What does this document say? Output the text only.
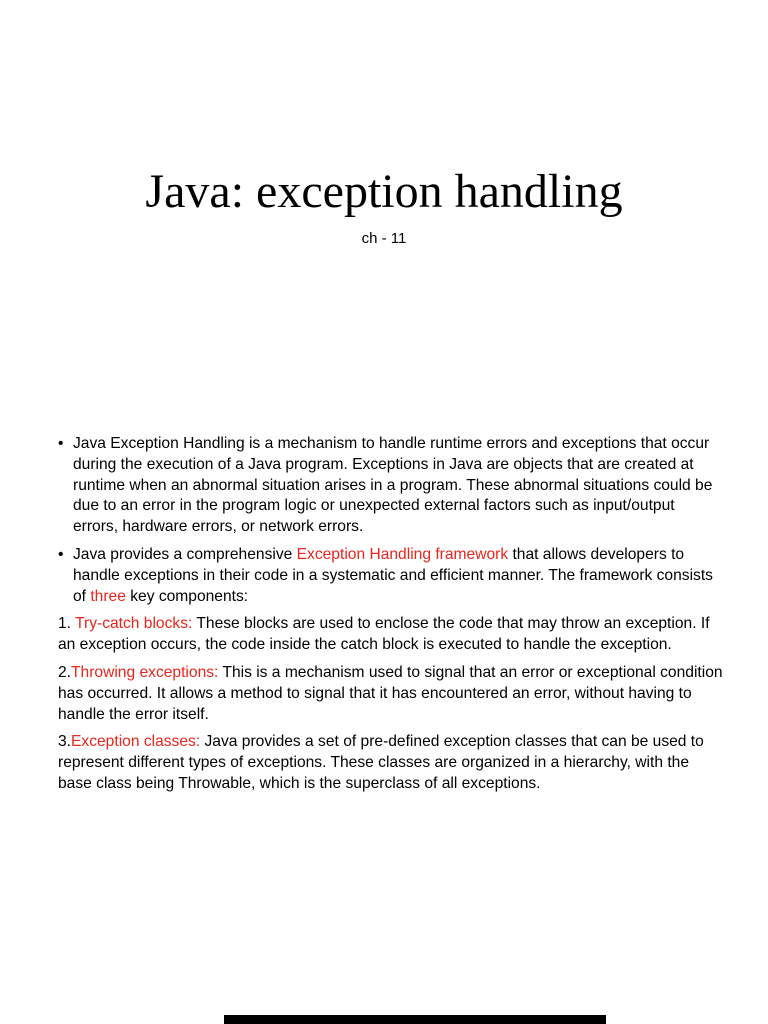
Java: exception handling
ch - 11
• Java Exception Handling is a mechanism to handle runtime errors and exceptions that occur during the execution of a Java program. Exceptions in Java are objects that are created at runtime when an abnormal situation arises in a program. These abnormal situations could be due to an error in the program logic or unexpected external factors such as input/output errors, hardware errors, or network errors.
• Java provides a comprehensive Exception Handling framework that allows developers to handle exceptions in their code in a systematic and efficient manner. The framework consists of three key components:
1. Try-catch blocks: These blocks are used to enclose the code that may throw an exception. If an exception occurs, the code inside the catch block is executed to handle the exception.
2.Throwing exceptions: This is a mechanism used to signal that an error or exceptional condition has occurred. It allows a method to signal that it has encountered an error, without having to handle the error itself.
3.Exception classes: Java provides a set of pre-defined exception classes that can be used to represent different types of exceptions. These classes are organized in a hierarchy, with the base class being Throwable, which is the superclass of all exceptions.
